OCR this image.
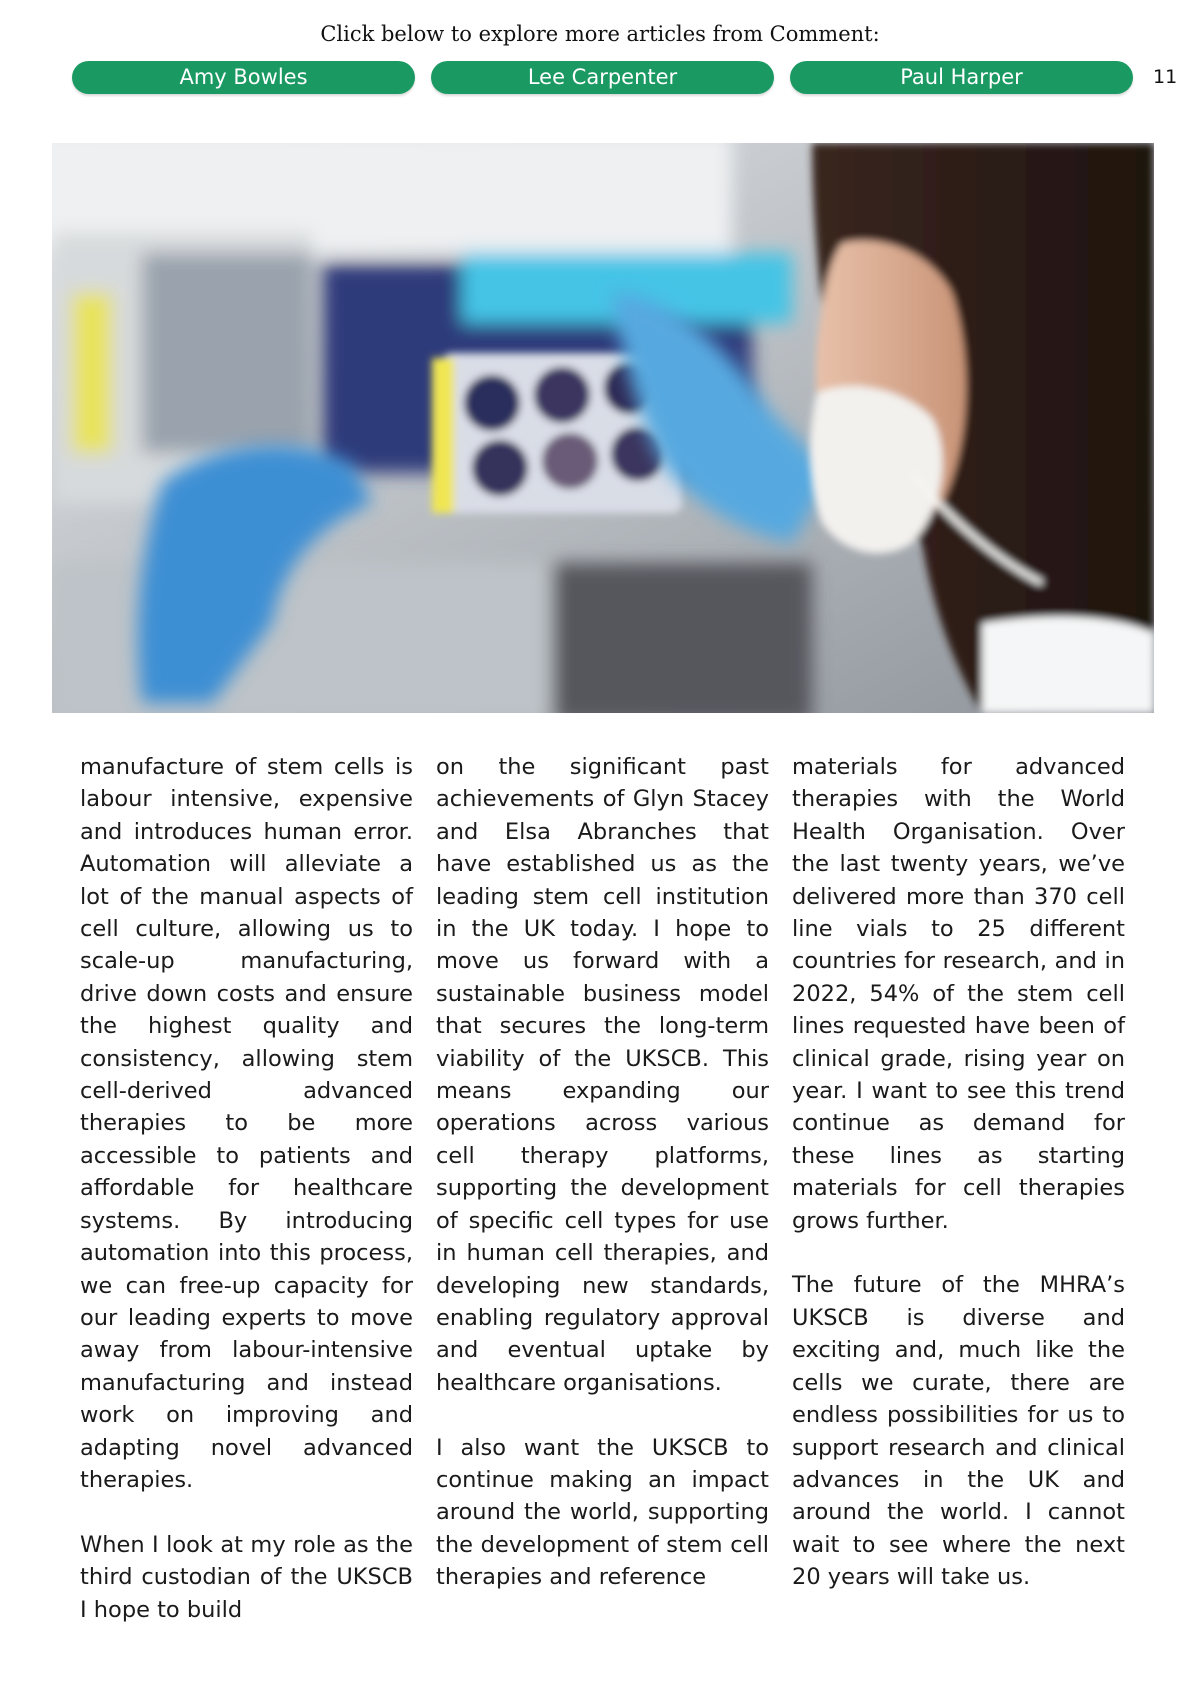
Click below to explore more articles from Comment:
Amy Bowles	Lee Carpenter	Paul Harper	11

manufacture of stem cells is labour intensive, expensive and introduces human error. Automation will alleviate a lot of the manual aspects of cell culture, allowing us to scale-up manufacturing, drive down costs and ensure the highest quality and consistency, allowing stem cell-derived advanced therapies to be more accessible to patients and affordable for healthcare systems. By introducing automation into this process, we can free-up capacity for our leading experts to move away from labour-intensive manufacturing and instead work on improving and adapting novel advanced therapies.

When I look at my role as the third custodian of the UKSCB I hope to build

on the significant past achievements of Glyn Stacey and Elsa Abranches that have established us as the leading stem cell institution in the UK today. I hope to move us forward with a sustainable business model that secures the long-term viability of the UKSCB. This means expanding our operations across various cell therapy platforms, supporting the development of specific cell types for use in human cell therapies, and developing new standards, enabling regulatory approval and eventual uptake by healthcare organisations.

I also want the UKSCB to continue making an impact around the world, supporting the development of stem cell therapies and reference

materials for advanced therapies with the World Health Organisation. Over the last twenty years, we’ve delivered more than 370 cell line vials to 25 different countries for research, and in 2022, 54% of the stem cell lines requested have been of clinical grade, rising year on year. I want to see this trend continue as demand for these lines as starting materials for cell therapies grows further.

The future of the MHRA’s UKSCB is diverse and exciting and, much like the cells we curate, there are endless possibilities for us to support research and clinical advances in the UK and around the world. I cannot wait to see where the next 20 years will take us.
